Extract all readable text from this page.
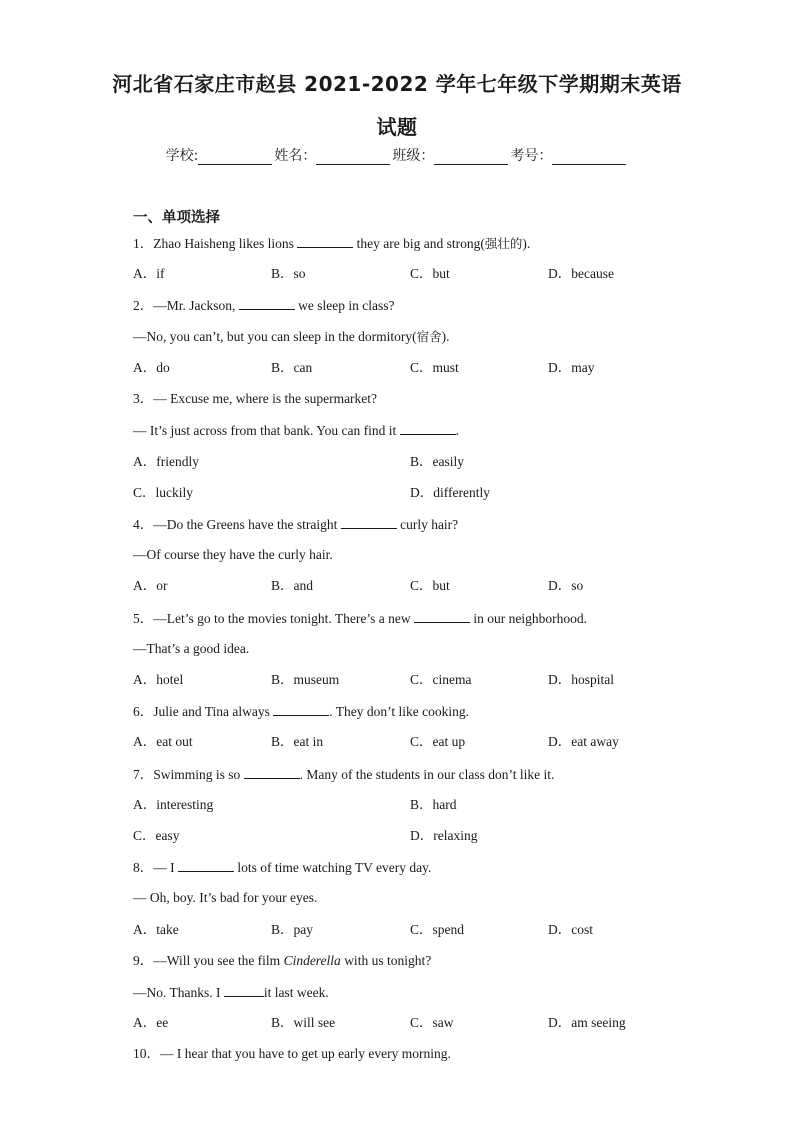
河北省石家庄市赵县 2021-2022 学年七年级下学期期末英语
试题
学校:	姓名：	班级：	考号：
一、单项选择
1．Zhao Haisheng likes lions	they are big and strong(强壮的).
A．if	B．so	C．but	D．because
2．—Mr. Jackson,	we sleep in class?
—No, you can’t, but you can sleep in the dormitory(宿舍).
A．do	B．can	C．must	D．may
3．— Excuse me, where is the supermarket?
— It’s just across from that bank. You can find it	.
A．friendly	B．easily
C．luckily	D．differently
4．—Do the Greens have the straight	curly hair?
—Of course they have the curly hair.
A．or	B．and	C．but	D．so
5．—Let’s go to the movies tonight. There’s a new	in our neighborhood.
—That’s a good idea.
A．hotel	B．museum	C．cinema	D．hospital
6．Julie and Tina always	. They don’t like cooking.
A．eat out	B．eat in	C．eat up	D．eat away
7．Swimming is so	. Many of the students in our class don’t like it.
A．interesting	B．hard
C．easy	D．relaxing
8．— I	lots of time watching TV every day.
— Oh, boy. It’s bad for your eyes.
A．take	B．pay	C．spend	D．cost
9．—Will you see the film Cinderella with us tonight?
—No. Thanks. I	it last week.
A．ee	B．will see	C．saw	D．am seeing
10．— I hear that you have to get up early every morning.
